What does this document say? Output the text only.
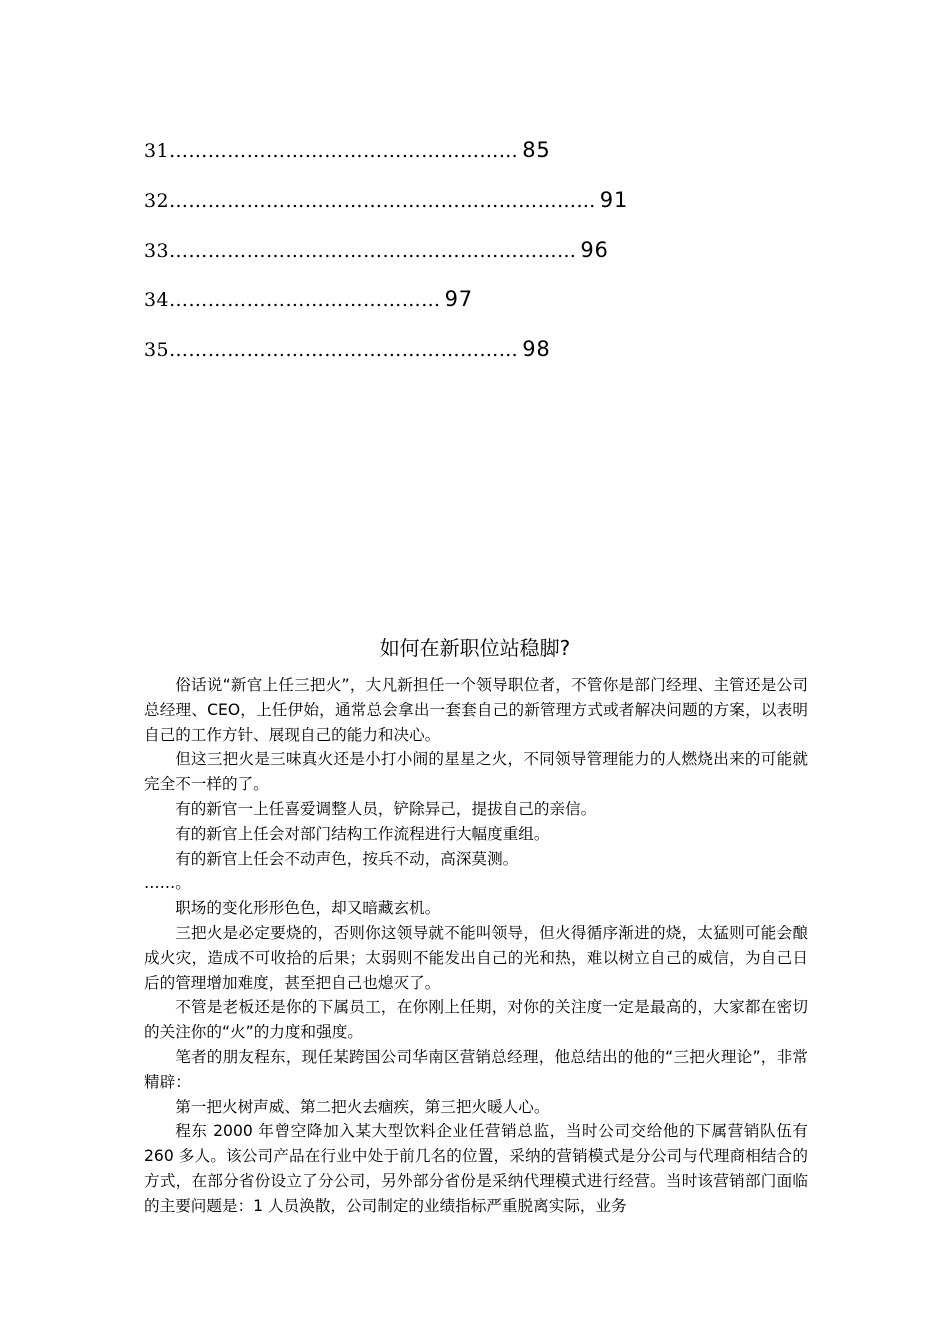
31……………………………………………… 85
32………………………………………………………… 91
33……………………………………………………… 96
34…………………………………… 97
35……………………………………………… 98
如何在新职位站稳脚?

俗话说“新官上任三把火”，大凡新担任一个领导职位者，不管你是部门经理、主管还是公司总经理、CEO，上任伊始，通常总会拿出一套套自己的新管理方式或者解决问题的方案，以表明自己的工作方针、展现自己的能力和决心。

但这三把火是三味真火还是小打小闹的星星之火，不同领导管理能力的人燃烧出来的可能就完全不一样的了。

有的新官一上任喜爱调整人员，铲除异己，提拔自己的亲信。

有的新官上任会对部门结构工作流程进行大幅度重组。

有的新官上任会不动声色，按兵不动，高深莫测。

……。

职场的变化形形色色，却又暗藏玄机。

三把火是必定要烧的，否则你这领导就不能叫领导，但火得循序渐进的烧，太猛则可能会酿成火灾，造成不可收拾的后果；太弱则不能发出自己的光和热，难以树立自己的威信，为自己日后的管理增加难度，甚至把自己也熄灭了。

不管是老板还是你的下属员工，在你刚上任期，对你的关注度一定是最高的，大家都在密切的关注你的“火”的力度和强度。

笔者的朋友程东，现任某跨国公司华南区营销总经理，他总结出的他的“三把火理论”，非常精辟：

第一把火树声威、第二把火去痼疾，第三把火暖人心。

程东 2000 年曾空降加入某大型饮料企业任营销总监，当时公司交给他的下属营销队伍有 260 多人。该公司产品在行业中处于前几名的位置，采纳的营销模式是分公司与代理商相结合的方式，在部分省份设立了分公司，另外部分省份是采纳代理模式进行经营。当时该营销部门面临的主要问题是：1 人员涣散，公司制定的业绩指标严重脱离实际，业务
